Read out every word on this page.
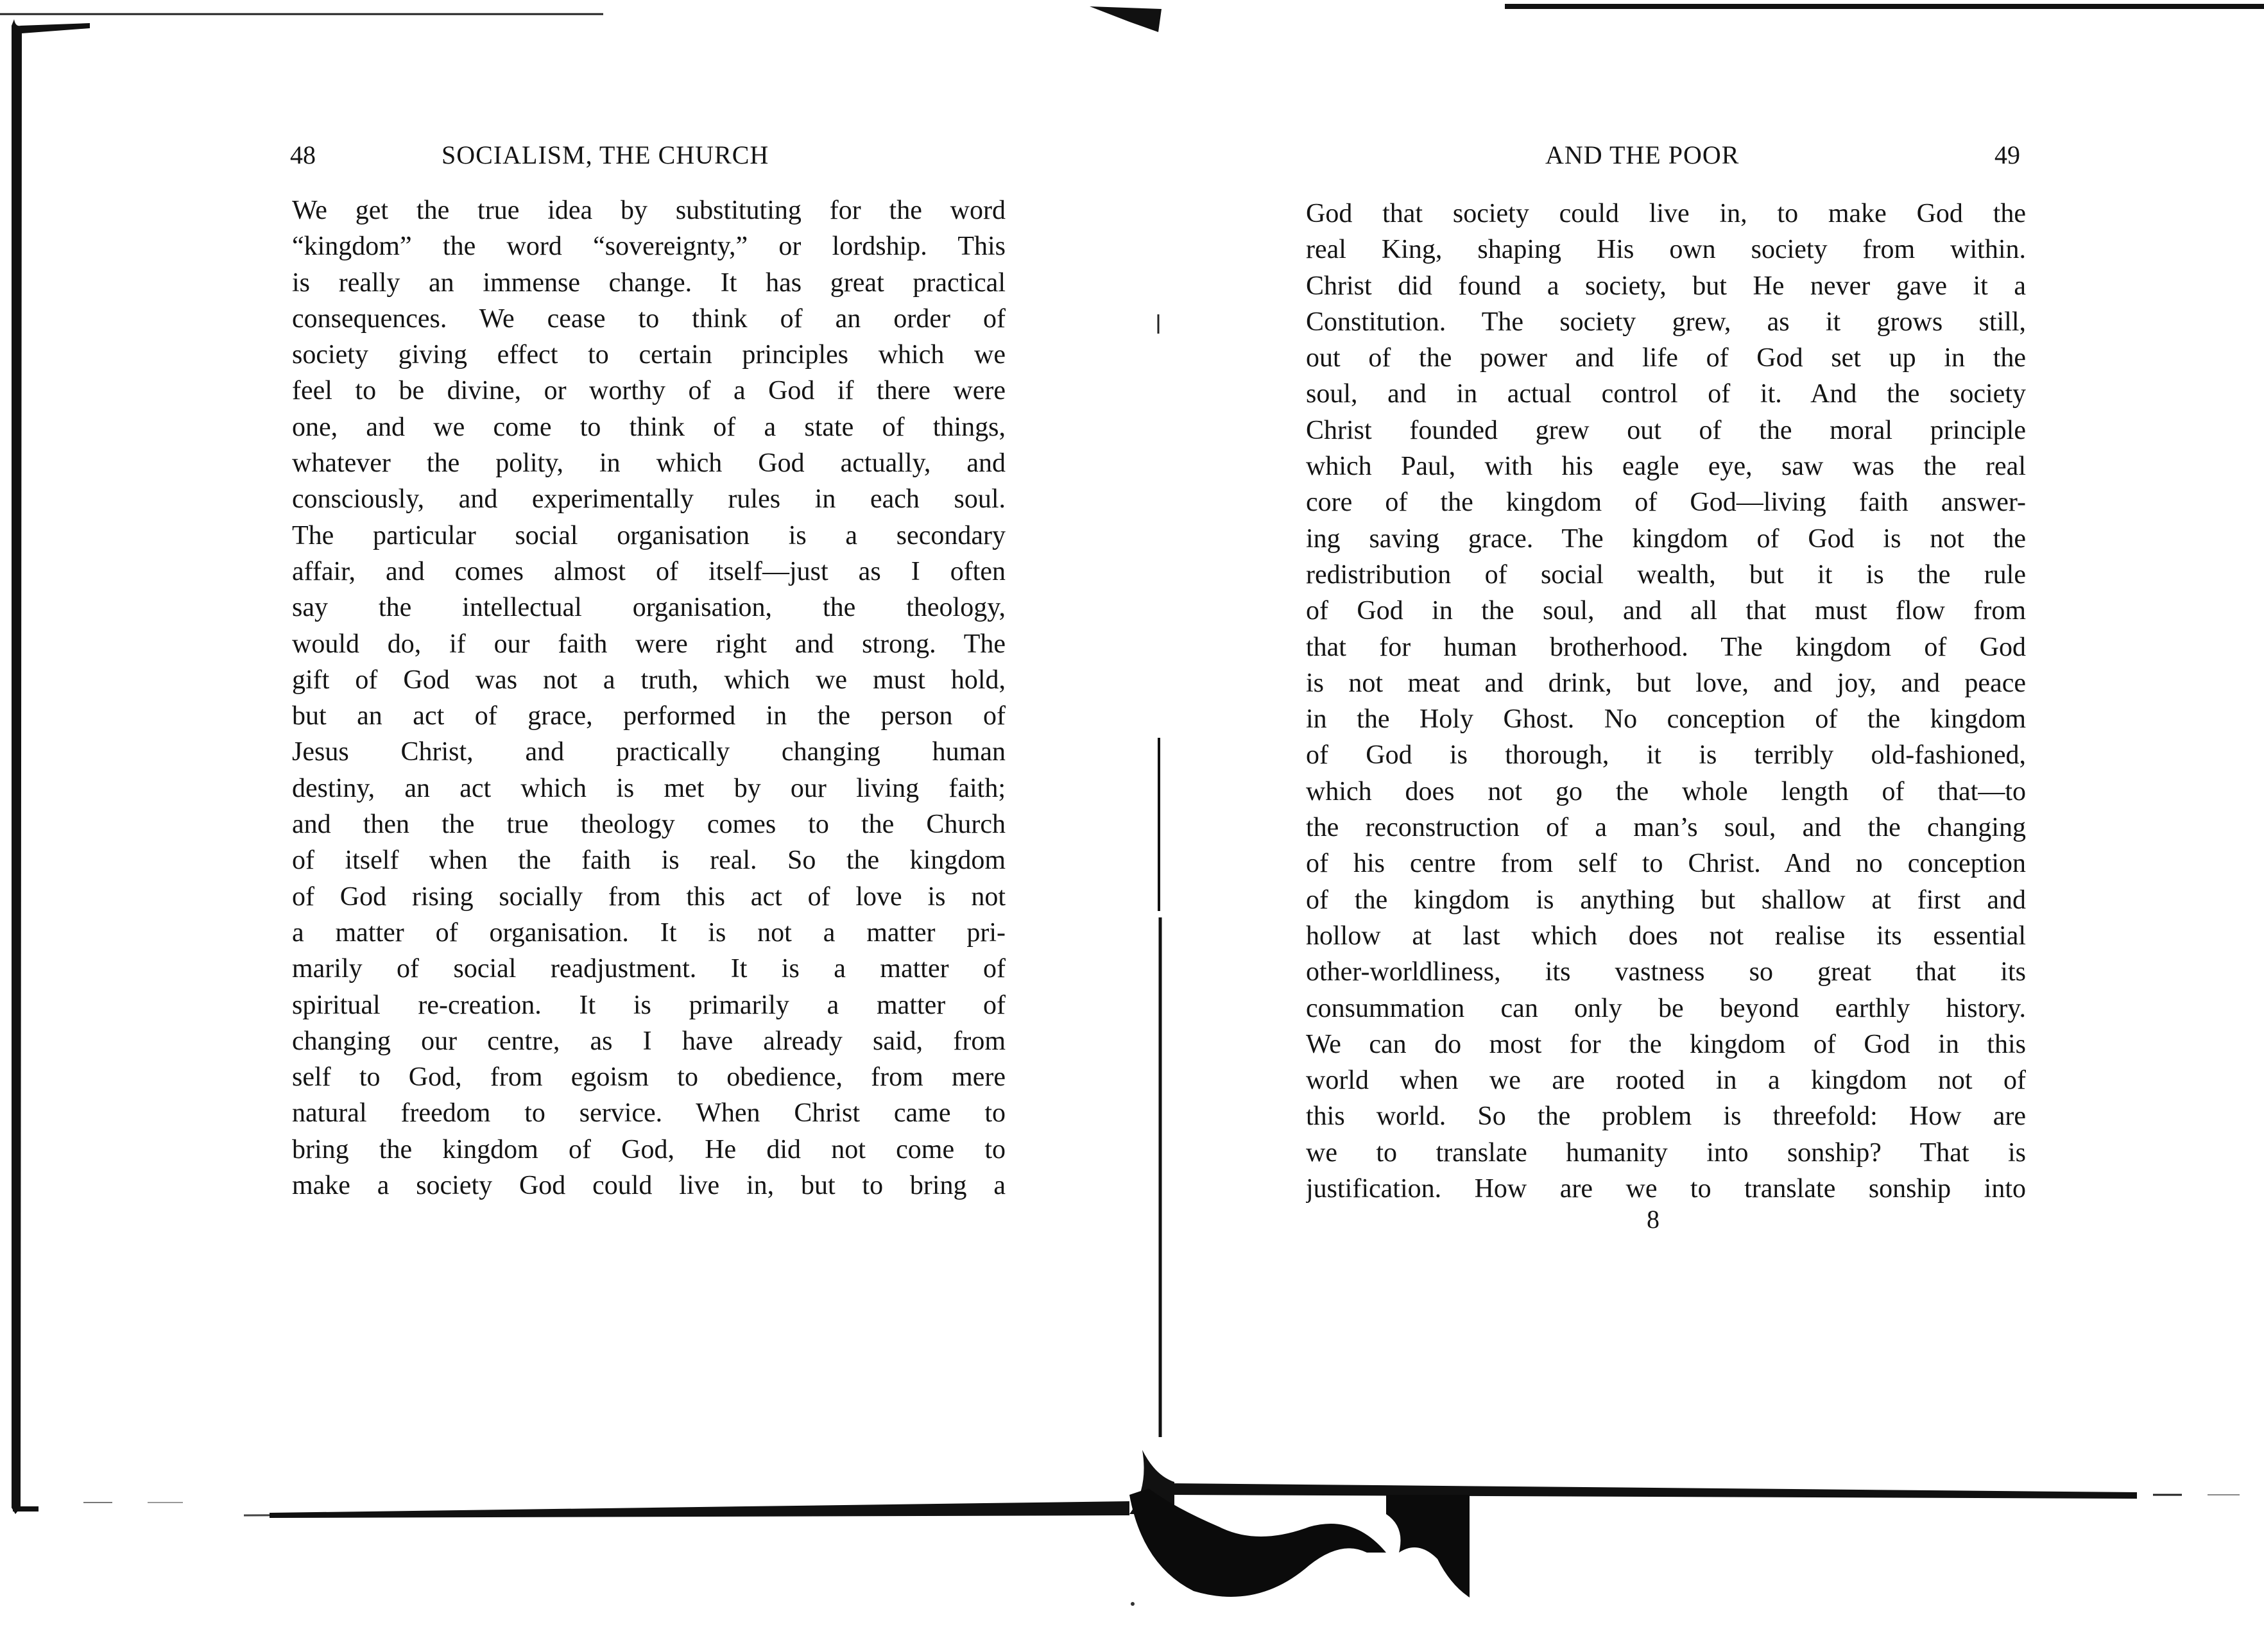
48	SOCIALISM, THE CHURCH
We get the true idea by substituting for the word
“kingdom” the word “sovereignty,” or lordship. This
is really an immense change. It has great practical
consequences. We cease to think of an order of
society giving effect to certain principles which we
feel to be divine, or worthy of a God if there were
one, and we come to think of a state of things,
whatever the polity, in which God actually, and
consciously, and experimentally rules in each soul.
The particular social organisation is a secondary
affair, and comes almost of itself—just as I often
say the intellectual organisation, the theology,
would do, if our faith were right and strong. The
gift of God was not a truth, which we must hold,
but an act of grace, performed in the person of
Jesus Christ, and practically changing human
destiny, an act which is met by our living faith;
and then the true theology comes to the Church
of itself when the faith is real. So the kingdom
of God rising socially from this act of love is not
a matter of organisation. It is not a matter pri-
marily of social readjustment. It is a matter of
spiritual re-creation. It is primarily a matter of
changing our centre, as I have already said, from
self to God, from egoism to obedience, from mere
natural freedom to service. When Christ came to
bring the kingdom of God, He did not come to
make a society God could live in, but to bring a
AND THE POOR	49
God that society could live in, to make God the
real King, shaping His own society from within.
Christ did found a society, but He never gave it a
Constitution. The society grew, as it grows still,
out of the power and life of God set up in the
soul, and in actual control of it. And the society
Christ founded grew out of the moral principle
which Paul, with his eagle eye, saw was the real
core of the kingdom of God—living faith answer-
ing saving grace. The kingdom of God is not the
redistribution of social wealth, but it is the rule
of God in the soul, and all that must flow from
that for human brotherhood. The kingdom of God
is not meat and drink, but love, and joy, and peace
in the Holy Ghost. No conception of the kingdom
of God is thorough, it is terribly old-fashioned,
which does not go the whole length of that—to
the reconstruction of a man’s soul, and the changing
of his centre from self to Christ. And no conception
of the kingdom is anything but shallow at first and
hollow at last which does not realise its essential
other-worldliness, its vastness so great that its
consummation can only be beyond earthly history.
We can do most for the kingdom of God in this
world when we are rooted in a kingdom not of
this world. So the problem is threefold: How are
we to translate humanity into sonship? That is
justification. How are we to translate sonship into
8
